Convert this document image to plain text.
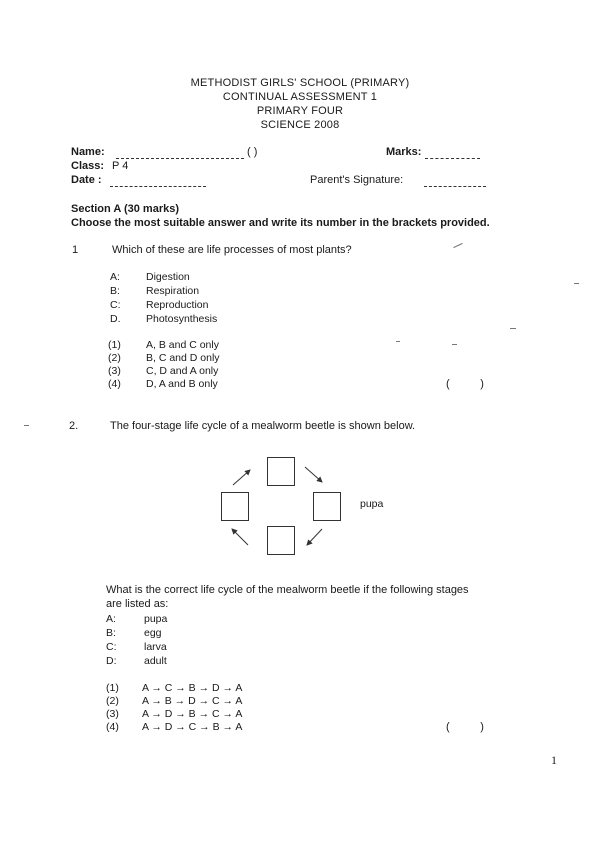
METHODIST GIRLS' SCHOOL (PRIMARY)
CONTINUAL ASSESSMENT 1
PRIMARY FOUR
SCIENCE 2008
Name:	( )	Marks:
Class: P 4
Date :	Parent's Signature:
Section A (30 marks)
Choose the most suitable answer and write its number in the brackets provided.
1	Which of these are life processes of most plants?
A: Digestion
B: Respiration
C: Reproduction
D. Photosynthesis
(1) A, B and C only
(2) B, C and D only
(3) C, D and A only
(4) D, A and B only	(          )
2.	The four-stage life cycle of a mealworm beetle is shown below.
pupa
What is the correct life cycle of the mealworm beetle if the following stages
are listed as:
A:	pupa
B:	egg
C:	larva
D:	adult
(1) A → C → B → D → A
(2) A → B → D → C → A
(3) A → D → B → C → A
(4) A → D → C → B → A	(          )
1
